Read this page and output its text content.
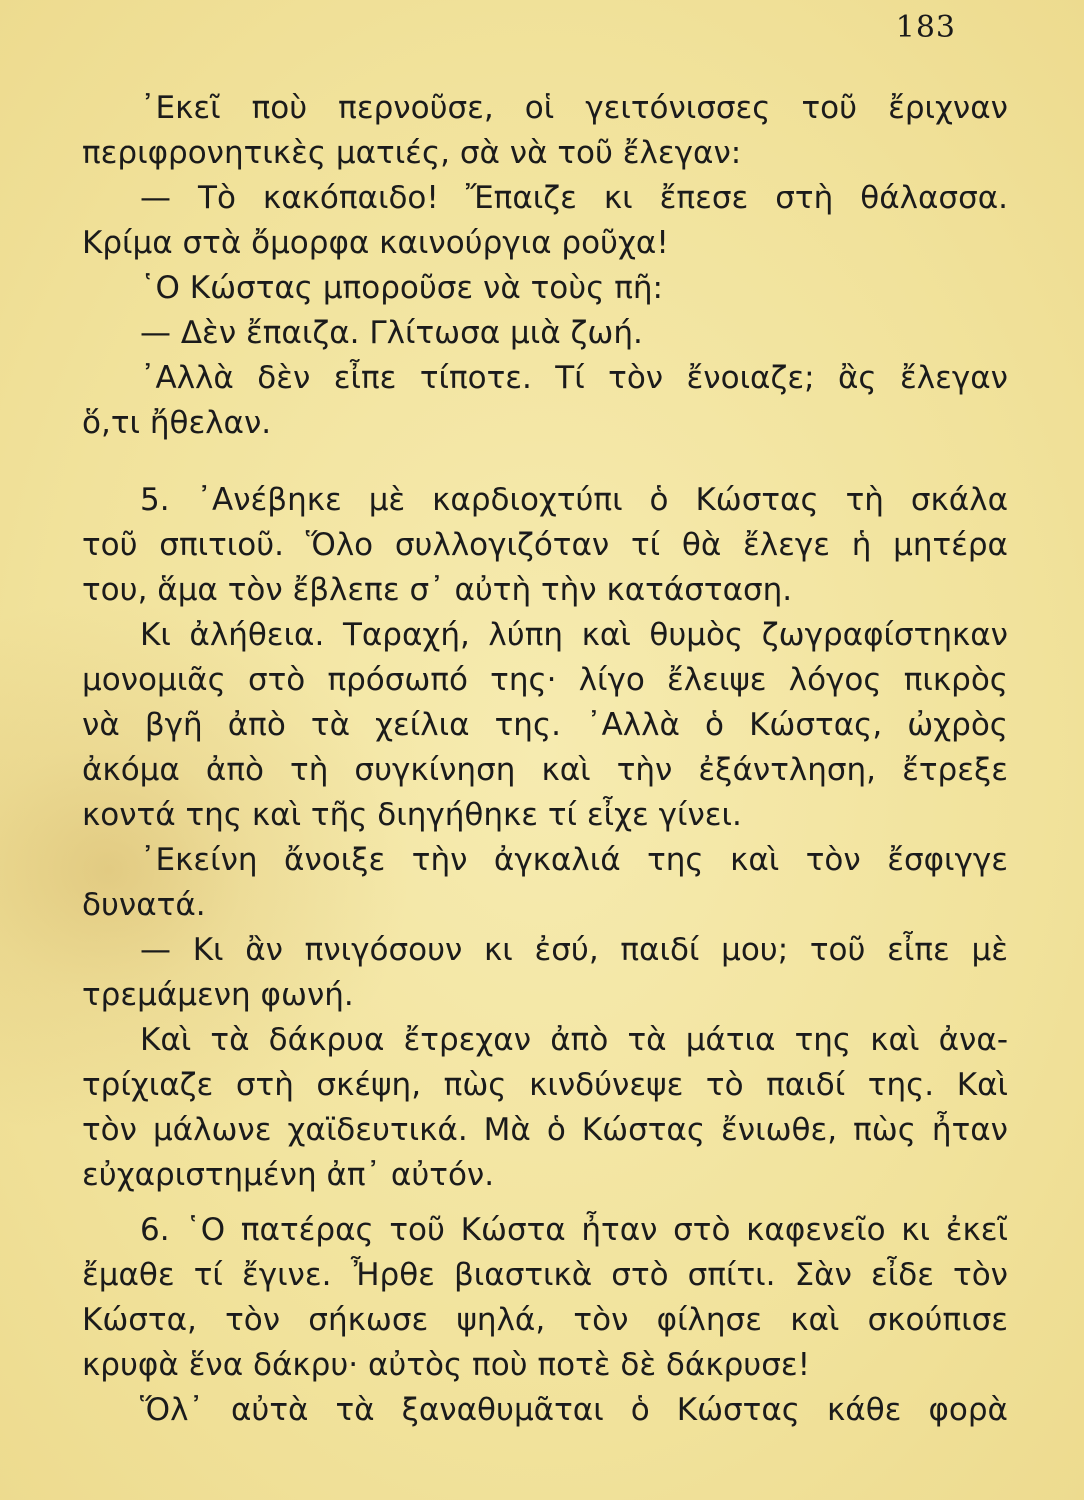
183
᾿Εκεῖ ποὺ περνοῦσε, οἱ γειτόνισσες τοῦ ἔριχναν
περιφρονητικὲς ματιές, σὰ νὰ τοῦ ἔλεγαν:
— Τὸ κακόπαιδο! Ἔπαιζε κι ἔπεσε στὴ θάλασσα.
Κρίμα στὰ ὄμορφα καινούργια ροῦχα!
῾Ο Κώστας μποροῦσε νὰ τοὺς πῆ:
— Δὲν ἔπαιζα. Γλίτωσα μιὰ ζωή.
᾿Αλλὰ δὲν εἶπε τίποτε. Τί τὸν ἔνοιαζε; ἂς ἔλεγαν
ὅ,τι ἤθελαν.
5. ᾿Ανέβηκε μὲ καρδιοχτύπι ὁ Κώστας τὴ σκάλα
τοῦ σπιτιοῦ. Ὅλο συλλογιζόταν τί θὰ ἔλεγε ἡ μητέρα
του, ἅμα τὸν ἔβλεπε σ᾿ αὐτὴ τὴν κατάσταση.
Κι ἀλήθεια. Ταραχή, λύπη καὶ θυμὸς ζωγραφίστηκαν
μονομιᾶς στὸ πρόσωπό της· λίγο ἔλειψε λόγος πικρὸς
νὰ βγῆ ἀπὸ τὰ χείλια της. ᾿Αλλὰ ὁ Κώστας, ὠχρὸς
ἀκόμα ἀπὸ τὴ συγκίνηση καὶ τὴν ἐξάντληση, ἔτρεξε
κοντά της καὶ τῆς διηγήθηκε τί εἶχε γίνει.
᾿Εκείνη ἄνοιξε τὴν ἀγκαλιά της καὶ τὸν ἔσφιγγε
δυνατά.
— Κι ἂν πνιγόσουν κι ἐσύ, παιδί μου; τοῦ εἶπε μὲ
τρεμάμενη φωνή.
Καὶ τὰ δάκρυα ἔτρεχαν ἀπὸ τὰ μάτια της καὶ ἀνα-
τρίχιαζε στὴ σκέψη, πὼς κινδύνεψε τὸ παιδί της. Καὶ
τὸν μάλωνε χαϊδευτικά. Μὰ ὁ Κώστας ἔνιωθε, πὼς ἦταν
εὐχαριστημένη ἀπ᾿ αὐτόν.
6. ῾Ο πατέρας τοῦ Κώστα ἦταν στὸ καφενεῖο κι ἐκεῖ
ἔμαθε τί ἔγινε. Ἦρθε βιαστικὰ στὸ σπίτι. Σὰν εἶδε τὸν
Κώστα, τὸν σήκωσε ψηλά, τὸν φίλησε καὶ σκούπισε
κρυφὰ ἕνα δάκρυ· αὐτὸς ποὺ ποτὲ δὲ δάκρυσε!
Ὅλ᾿ αὐτὰ τὰ ξαναθυμᾶται ὁ Κώστας κάθε φορὰ
